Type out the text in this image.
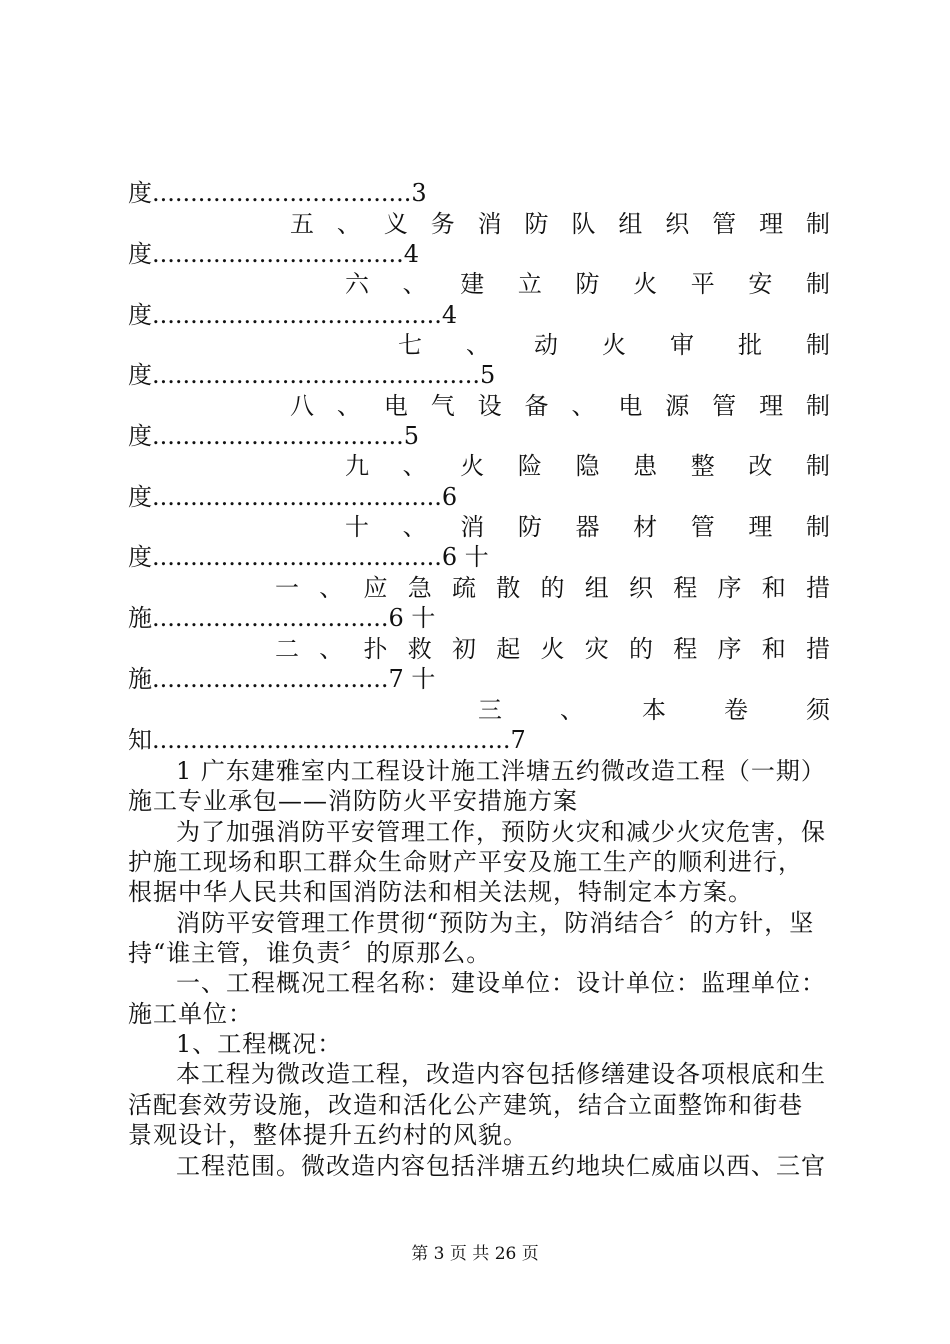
度..................................3
五 、 义 务 消 防 队 组 织 管 理 制
度.................................4
六 、 建 立 防 火 平 安 制
度......................................4
七 、 动 火 审 批 制
度...........................................5
八 、 电 气 设 备 、 电 源 管 理 制
度.................................5
九 、 火 险 隐 患 整 改 制
度......................................6
十 、 消 防 器 材 管 理 制
度......................................6 十
一 、 应 急 疏 散 的 组 织 程 序 和 措
施...............................6 十
二 、 扑 救 初 起 火 灾 的 程 序 和 措
施...............................7 十
三 、 本 卷 须
知...............................................7
1 广东建雅室内工程设计施工泮塘五约微改造工程（一期）
施工专业承包——消防防火平安措施方案
为了加强消防平安管理工作，预防火灾和减少火灾危害，保
护施工现场和职工群众生命财产平安及施工生产的顺利进行，
根据中华人民共和国消防法和相关法规，特制定本方案。
消防平安管理工作贯彻“预防为主，防消结合〞的方针，坚
持“谁主管，谁负责〞的原那么。
一、工程概况工程名称：建设单位：设计单位：监理单位：
施工单位：
1、工程概况：
本工程为微改造工程，改造内容包括修缮建设各项根底和生
活配套效劳设施，改造和活化公产建筑，结合立面整饰和街巷
景观设计，整体提升五约村的风貌。
工程范围。微改造内容包括泮塘五约地块仁威庙以西、三官
第 3 页 共 26 页
